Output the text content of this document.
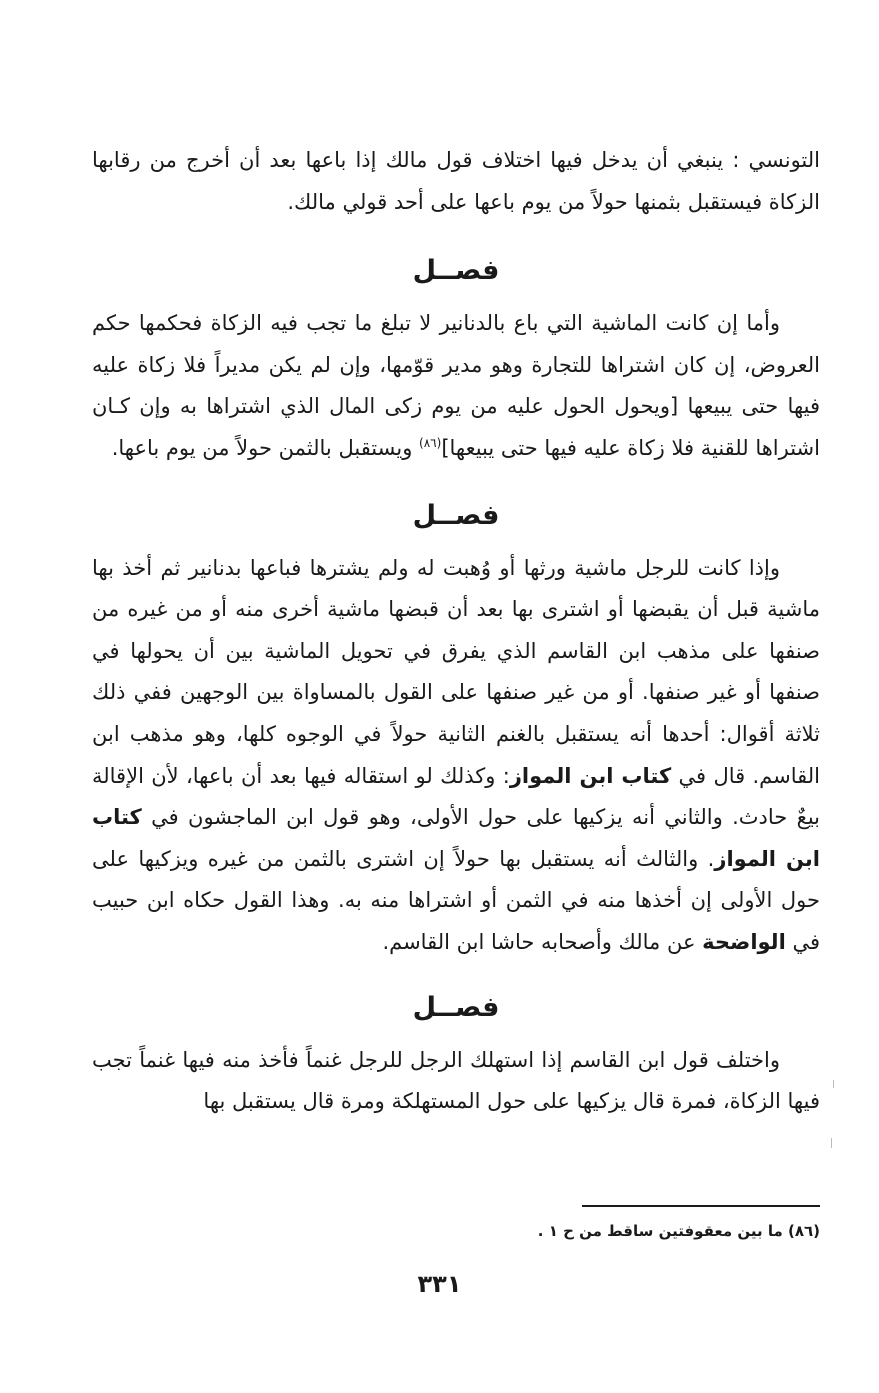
التونسي : ينبغي أن يدخل فيها اختلاف قول مالك إذا باعها بعد أن أخرج من رقابها الزكاة فيستقبل بثمنها حولاً من يوم باعها على أحد قولي مالك.

فصــل

وأما إن كانت الماشية التي باع بالدنانير لا تبلغ ما تجب فيه الزكاة فحكمها حكم العروض، إن كان اشتراها للتجارة وهو مدير قوّمها، وإن لم يكن مديراً فلا زكاة عليه فيها حتى يبيعها [ويحول الحول عليه من يوم زكى المال الذي اشتراها به وإن كـان اشتراها للقنية فلا زكاة عليه فيها حتى يبيعها]$^{(٨٦)}$ ويستقبل بالثمن حولاً من يوم باعها.

فصــل

وإذا كانت للرجل ماشية ورثها أو وُهبت له ولم يشترها فباعها بدنانير ثم أخذ بها ماشية قبل أن يقبضها أو اشترى بها بعد أن قبضها ماشية أخرى منه أو من غيره من صنفها على مذهب ابن القاسم الذي يفرق في تحويل الماشية بين أن يحولها في صنفها أو غير صنفها. أو من غير صنفها على القول بالمساواة بين الوجهين ففي ذلك ثلاثة أقوال: أحدها أنه يستقبل بالغنم الثانية حولاً في الوجوه كلها، وهو مذهب ابن القاسم. قال في كتاب ابن المواز: وكذلك لو استقاله فيها بعد أن باعها، لأن الإقالة بيعٌ حادث. والثاني أنه يزكيها على حول الأولى، وهو قول ابن الماجشون في كتاب ابن المواز. والثالث أنه يستقبل بها حولاً إن اشترى بالثمن من غيره ويزكيها على حول الأولى إن أخذها منه في الثمن أو اشتراها منه به. وهذا القول حكاه ابن حبيب في الواضحة عن مالك وأصحابه حاشا ابن القاسم.

فصــل

واختلف قول ابن القاسم إذا استهلك الرجل للرجل غنماً فأخذ منه فيها غنماً تجب فيها الزكاة، فمرة قال يزكيها على حول المستهلكة ومرة قال يستقبل بها

(٨٦) ما بين معقوفتين ساقط من ح ١ .
٣٣١
